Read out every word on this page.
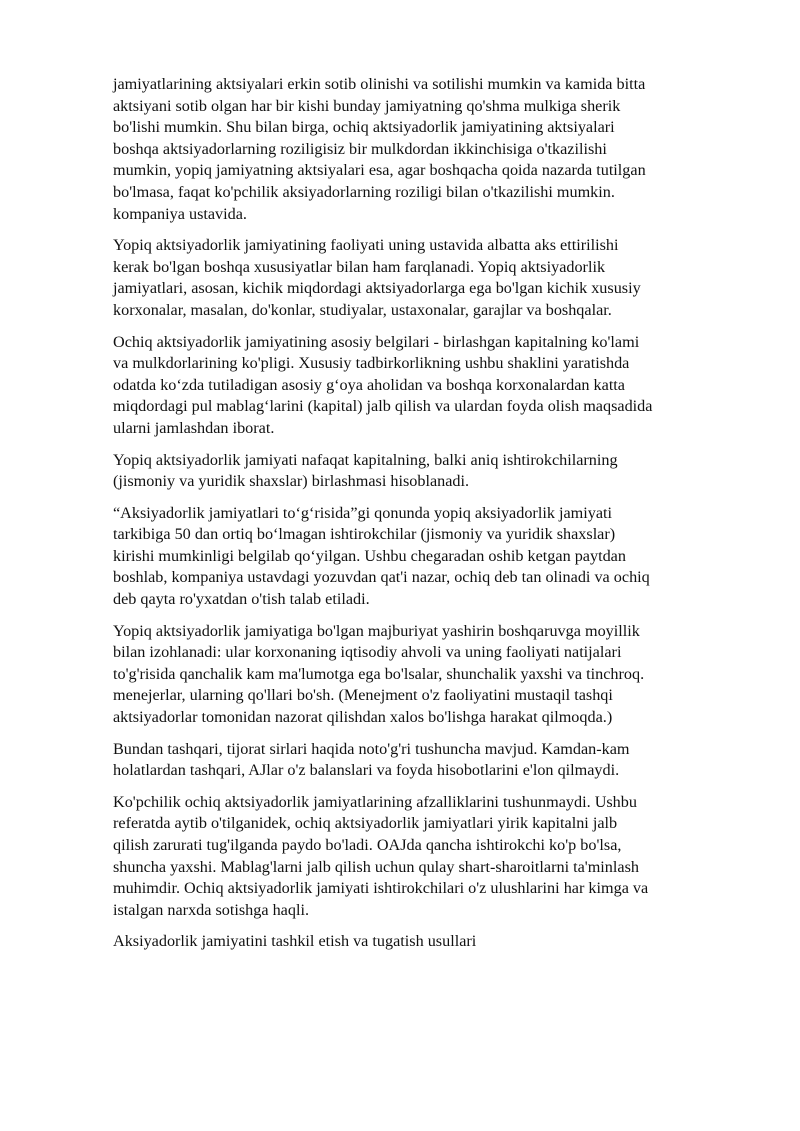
jamiyatlarining aktsiyalari erkin sotib olinishi va sotilishi mumkin va kamida bitta
aktsiyani sotib olgan har bir kishi bunday jamiyatning qo'shma mulkiga sherik
bo'lishi mumkin. Shu bilan birga, ochiq aktsiyadorlik jamiyatining aktsiyalari
boshqa aktsiyadorlarning roziligisiz bir mulkdordan ikkinchisiga o'tkazilishi
mumkin, yopiq jamiyatning aktsiyalari esa, agar boshqacha qoida nazarda tutilgan
bo'lmasa, faqat ko'pchilik aksiyadorlarning roziligi bilan o'tkazilishi mumkin.
kompaniya ustavida.

Yopiq aktsiyadorlik jamiyatining faoliyati uning ustavida albatta aks ettirilishi
kerak bo'lgan boshqa xususiyatlar bilan ham farqlanadi. Yopiq aktsiyadorlik
jamiyatlari, asosan, kichik miqdordagi aktsiyadorlarga ega bo'lgan kichik xususiy
korxonalar, masalan, do'konlar, studiyalar, ustaxonalar, garajlar va boshqalar.

Ochiq aktsiyadorlik jamiyatining asosiy belgilari - birlashgan kapitalning ko'lami
va mulkdorlarining ko'pligi. Xususiy tadbirkorlikning ushbu shaklini yaratishda
odatda ko‘zda tutiladigan asosiy g‘oya aholidan va boshqa korxonalardan katta
miqdordagi pul mablag‘larini (kapital) jalb qilish va ulardan foyda olish maqsadida
ularni jamlashdan iborat.

Yopiq aktsiyadorlik jamiyati nafaqat kapitalning, balki aniq ishtirokchilarning
(jismoniy va yuridik shaxslar) birlashmasi hisoblanadi.

“Aksiyadorlik jamiyatlari to‘g‘risida”gi qonunda yopiq aksiyadorlik jamiyati
tarkibiga 50 dan ortiq bo‘lmagan ishtirokchilar (jismoniy va yuridik shaxslar)
kirishi mumkinligi belgilab qo‘yilgan. Ushbu chegaradan oshib ketgan paytdan
boshlab, kompaniya ustavdagi yozuvdan qat'i nazar, ochiq deb tan olinadi va ochiq
deb qayta ro'yxatdan o'tish talab etiladi.

Yopiq aktsiyadorlik jamiyatiga bo'lgan majburiyat yashirin boshqaruvga moyillik
bilan izohlanadi: ular korxonaning iqtisodiy ahvoli va uning faoliyati natijalari
to'g'risida qanchalik kam ma'lumotga ega bo'lsalar, shunchalik yaxshi va tinchroq.
menejerlar, ularning qo'llari bo'sh. (Menejment o'z faoliyatini mustaqil tashqi
aktsiyadorlar tomonidan nazorat qilishdan xalos bo'lishga harakat qilmoqda.)

Bundan tashqari, tijorat sirlari haqida noto'g'ri tushuncha mavjud. Kamdan-kam
holatlardan tashqari, AJlar o'z balanslari va foyda hisobotlarini e'lon qilmaydi.

Ko'pchilik ochiq aktsiyadorlik jamiyatlarining afzalliklarini tushunmaydi. Ushbu
referatda aytib o'tilganidek, ochiq aktsiyadorlik jamiyatlari yirik kapitalni jalb
qilish zarurati tug'ilganda paydo bo'ladi. OAJda qancha ishtirokchi ko'p bo'lsa,
shuncha yaxshi. Mablag'larni jalb qilish uchun qulay shart-sharoitlarni ta'minlash
muhimdir. Ochiq aktsiyadorlik jamiyati ishtirokchilari o'z ulushlarini har kimga va
istalgan narxda sotishga haqli.

Aksiyadorlik jamiyatini tashkil etish va tugatish usullari
